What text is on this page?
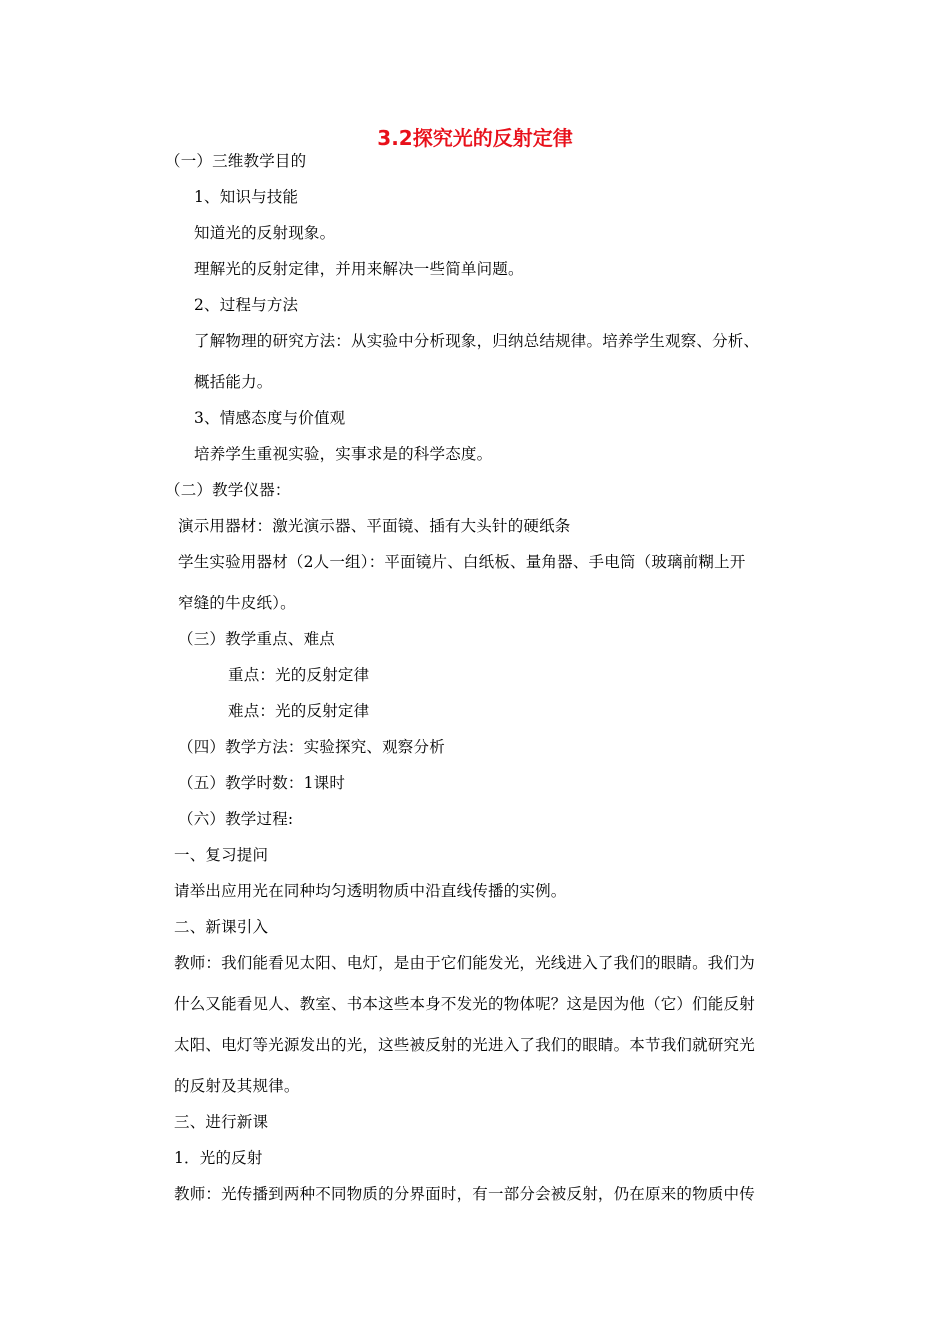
3.2探究光的反射定律
（一）三维教学目的
1、知识与技能
知道光的反射现象。
理解光的反射定律，并用来解决一些简单问题。
2、过程与方法
了解物理的研究方法：从实验中分析现象，归纳总结规律。培养学生观察、分析、
概括能力。
3、情感态度与价值观
培养学生重视实验，实事求是的科学态度。
（二）教学仪器：
演示用器材：激光演示器、平面镜、插有大头针的硬纸条
学生实验用器材（2人一组）：平面镜片、白纸板、量角器、手电筒（玻璃前糊上开
窄缝的牛皮纸）。
（三）教学重点、难点
重点：光的反射定律
难点：光的反射定律
（四）教学方法：实验探究、观察分析
（五）教学时数：1课时
（六）教学过程:
一、复习提问
请举出应用光在同种均匀透明物质中沿直线传播的实例。
二、新课引入
教师：我们能看见太阳、电灯，是由于它们能发光，光线进入了我们的眼睛。我们为
什么又能看见人、教室、书本这些本身不发光的物体呢？这是因为他（它）们能反射
太阳、电灯等光源发出的光，这些被反射的光进入了我们的眼睛。本节我们就研究光
的反射及其规律。
三、进行新课
1．光的反射
教师：光传播到两种不同物质的分界面时，有一部分会被反射，仍在原来的物质中传
